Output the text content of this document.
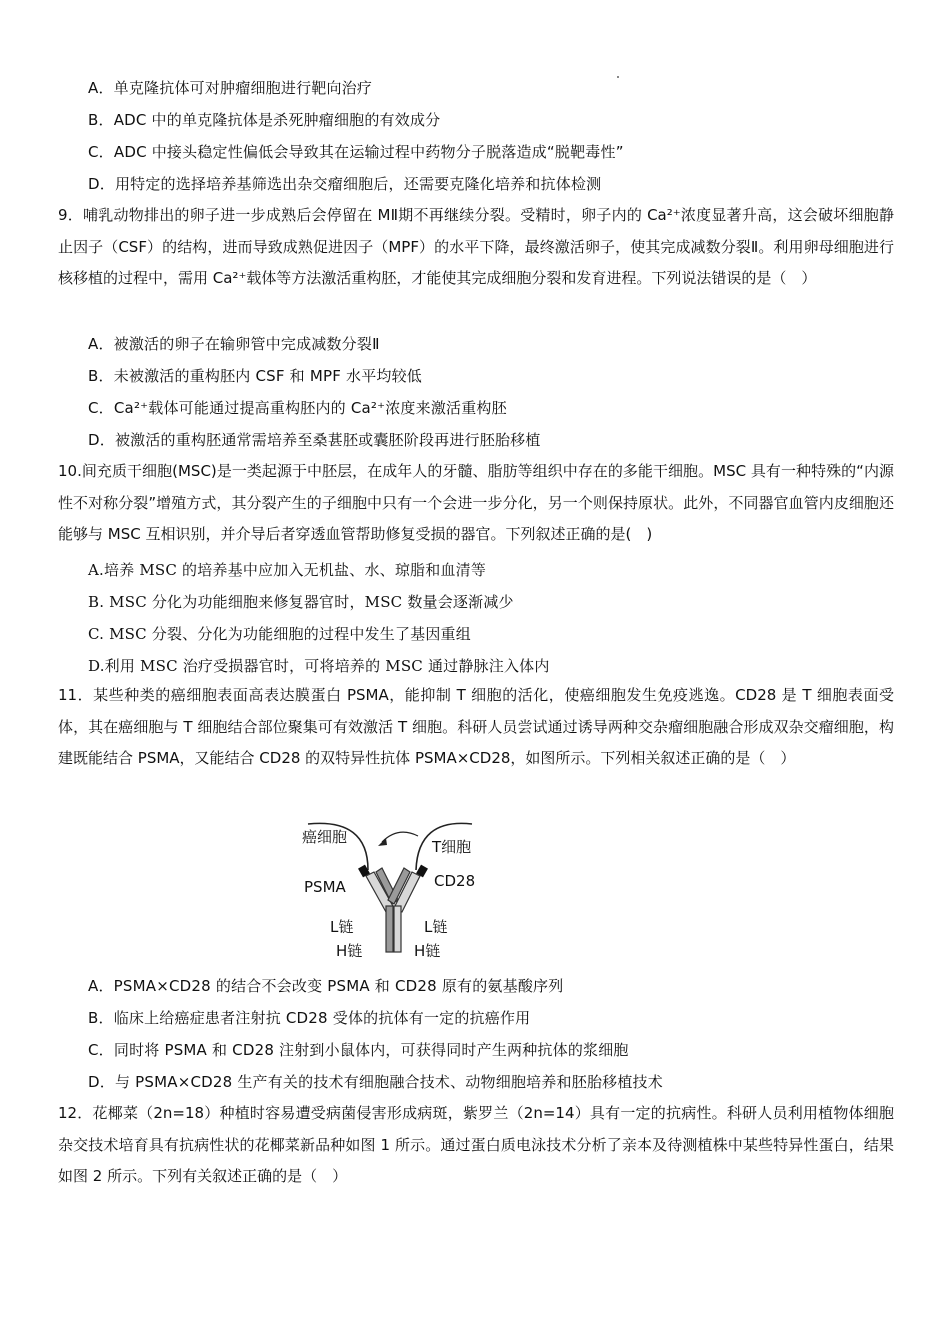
A．单克隆抗体可对肿瘤细胞进行靶向治疗
B．ADC 中的单克隆抗体是杀死肿瘤细胞的有效成分
C．ADC 中接头稳定性偏低会导致其在运输过程中药物分子脱落造成“脱靶毒性”
D．用特定的选择培养基筛选出杂交瘤细胞后，还需要克隆化培养和抗体检测
9．哺乳动物排出的卵子进一步成熟后会停留在 MⅡ期不再继续分裂。受精时，卵子内的 Ca²⁺浓度显著升高，这会破坏细胞静止因子（CSF）的结构，进而导致成熟促进因子（MPF）的水平下降，最终激活卵子，使其完成减数分裂Ⅱ。利用卵母细胞进行核移植的过程中，需用 Ca²⁺载体等方法激活重构胚，才能使其完成细胞分裂和发育进程。下列说法错误的是（　）
A．被激活的卵子在输卵管中完成减数分裂Ⅱ
B．未被激活的重构胚内 CSF 和 MPF 水平均较低
C．Ca²⁺载体可能通过提高重构胚内的 Ca²⁺浓度来激活重构胚
D．被激活的重构胚通常需培养至桑葚胚或囊胚阶段再进行胚胎移植
10.间充质干细胞(MSC)是一类起源于中胚层，在成年人的牙髓、脂肪等组织中存在的多能干细胞。MSC 具有一种特殊的“内源性不对称分裂”增殖方式，其分裂产生的子细胞中只有一个会进一步分化，另一个则保持原状。此外，不同器官血管内皮细胞还能够与 MSC 互相识别，并介导后者穿透血管帮助修复受损的器官。下列叙述正确的是(　)
A.培养 MSC 的培养基中应加入无机盐、水、琼脂和血清等
B. MSC 分化为功能细胞来修复器官时，MSC 数量会逐渐减少
C. MSC 分裂、分化为功能细胞的过程中发生了基因重组
D.利用 MSC 治疗受损器官时，可将培养的 MSC 通过静脉注入体内
11．某些种类的癌细胞表面高表达膜蛋白 PSMA，能抑制 T 细胞的活化，使癌细胞发生免疫逃逸。CD28 是 T 细胞表面受体，其在癌细胞与 T 细胞结合部位聚集可有效激活 T 细胞。科研人员尝试通过诱导两种交杂瘤细胞融合形成双杂交瘤细胞，构建既能结合 PSMA，又能结合 CD28 的双特异性抗体 PSMA×CD28，如图所示。下列相关叙述正确的是（　）
癌细胞
T细胞
PSMA	CD28
L链
H链
L链
H链
A．PSMA×CD28 的结合不会改变 PSMA 和 CD28 原有的氨基酸序列
B．临床上给癌症患者注射抗 CD28 受体的抗体有一定的抗癌作用
C．同时将 PSMA 和 CD28 注射到小鼠体内，可获得同时产生两种抗体的浆细胞
D．与 PSMA×CD28 生产有关的技术有细胞融合技术、动物细胞培养和胚胎移植技术
12．花椰菜（2n=18）种植时容易遭受病菌侵害形成病斑，紫罗兰（2n=14）具有一定的抗病性。科研人员利用植物体细胞杂交技术培育具有抗病性状的花椰菜新品种如图 1 所示。通过蛋白质电泳技术分析了亲本及待测植株中某些特异性蛋白，结果如图 2 所示。下列有关叙述正确的是（　）
